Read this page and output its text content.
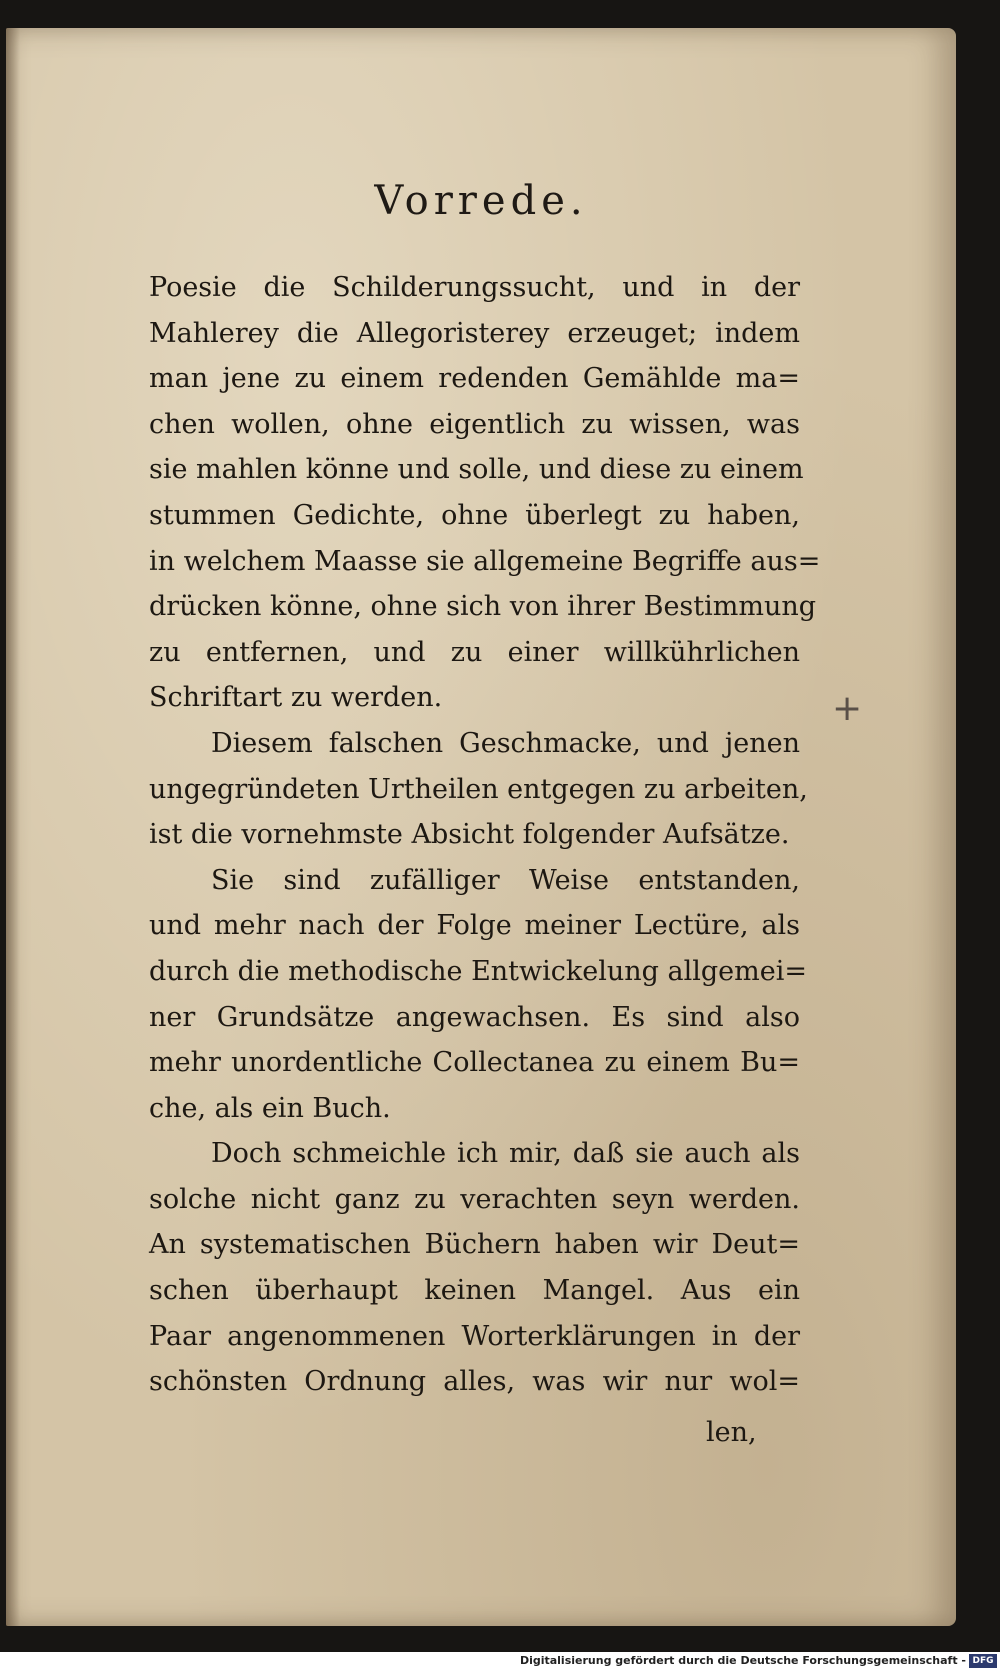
Vorrede.
Poesie die Schilderungssucht, und in der
Mahlerey die Allegoristerey erzeuget; indem
man jene zu einem redenden Gemählde ma=
chen wollen, ohne eigentlich zu wissen, was
sie mahlen könne und solle, und diese zu einem
stummen Gedichte, ohne überlegt zu haben,
in welchem Maasse sie allgemeine Begriffe aus=
drücken könne, ohne sich von ihrer Bestimmung
zu entfernen, und zu einer willkührlichen
Schriftart zu werden.
Diesem falschen Geschmacke, und jenen
ungegründeten Urtheilen entgegen zu arbeiten,
ist die vornehmste Absicht folgender Aufsätze.
Sie sind zufälliger Weise entstanden,
und mehr nach der Folge meiner Lectüre, als
durch die methodische Entwickelung allgemei=
ner Grundsätze angewachsen. Es sind also
mehr unordentliche Collectanea zu einem Bu=
che, als ein Buch.
Doch schmeichle ich mir, daß sie auch als
solche nicht ganz zu verachten seyn werden.
An systematischen Büchern haben wir Deut=
schen überhaupt keinen Mangel. Aus ein
Paar angenommenen Worterklärungen in der
schönsten Ordnung alles, was wir nur wol=
len,
+
Digitalisierung gefördert durch die Deutsche Forschungsgemeinschaft - DFG
